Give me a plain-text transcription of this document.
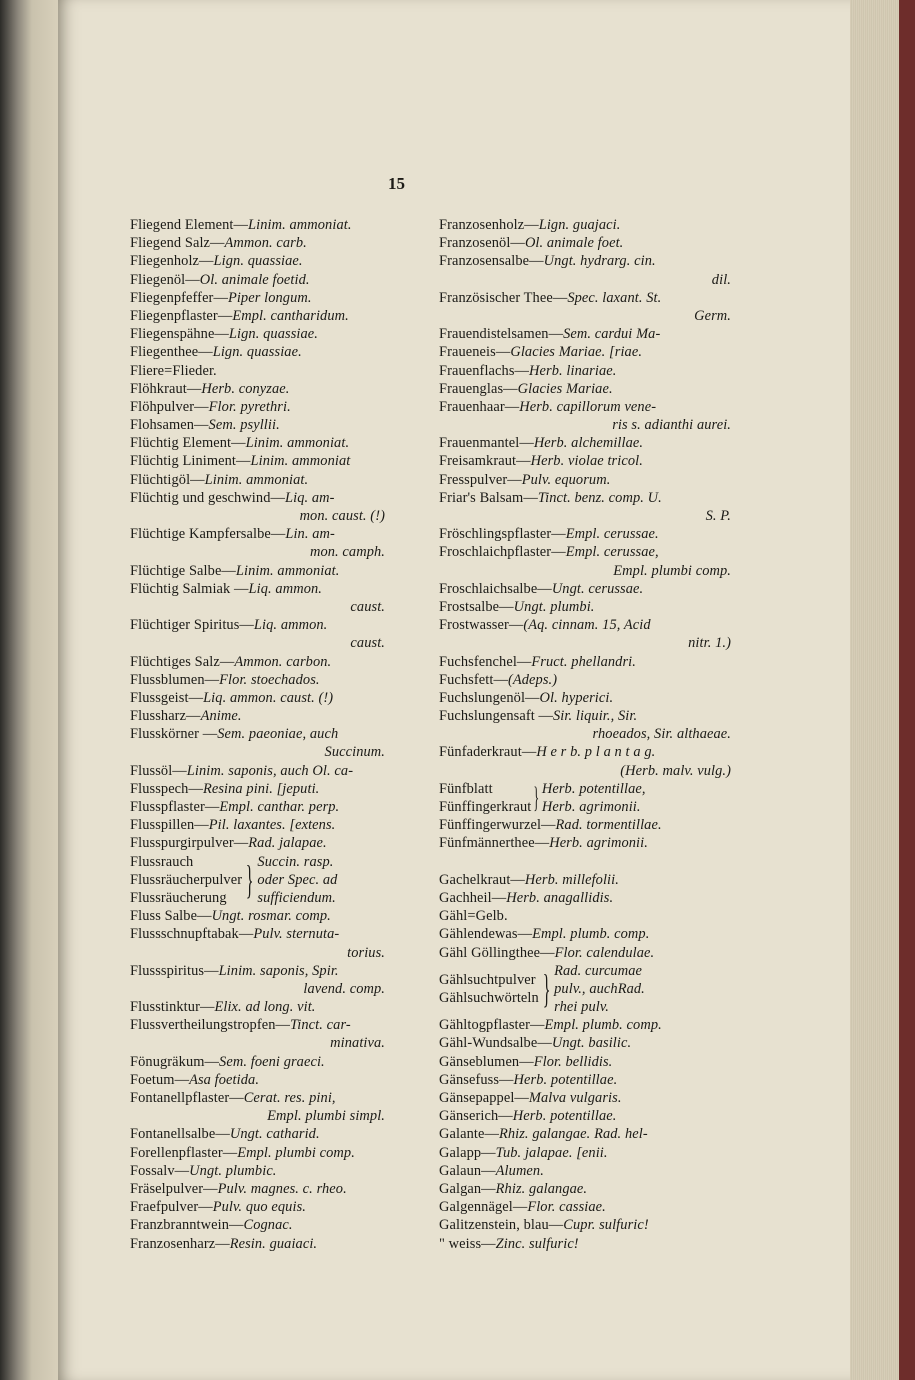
15
Fliegend Element— Linim. ammoniat.
Fliegend Salz— Ammon. carb.
Fliegenholz— Lign. quassiae.
Fliegenöl— Ol. animale foetid.
Fliegenpfeffer— Piper longum.
Fliegenpflaster— Empl. cantharidum.
Fliegenspähne— Lign. quassiae.
Fliegenthee— Lign. quassiae.
Fliere=Flieder.
Flöhkraut— Herb. conyzae.
Flöhpulver— Flor. pyrethri.
Flohsamen— Sem. psyllii.
Flüchtig Element— Linim. ammoniat.
Flüchtig Liniment— Linim. ammoniat
Flüchtigöl— Linim. ammoniat.
Flüchtig und geschwind— Liq. am-
mon. caust. (!)
Flüchtige Kampfersalbe— Lin. am-
mon. camph.
Flüchtige Salbe— Linim. ammoniat.
Flüchtig Salmiak — Liq. ammon.
caust.
Flüchtiger Spiritus— Liq. ammon.
caust.
Flüchtiges Salz— Ammon. carbon.
Flussblumen— Flor. stoechados.
Flussgeist— Liq. ammon. caust. (!)
Flussharz— Anime.
Flusskörner — Sem. paeoniae, auch
Succinum.
Flussöl— Linim. saponis, auch Ol. ca-
Flusspech— Resina pini. [jeputi.
Flusspflaster— Empl. canthar. perp.
Flusspillen— Pil. laxantes. [extens.
Flusspurgirpulver— Rad. jalapae.
Flussrauch
Flussräucherpulver
Flussräucherung } Succin. rasp.
oder Spec. ad
sufficiendum.
Fluss Salbe— Ungt. rosmar. comp.
Flussschnupftabak— Pulv. sternuta-
torius.
Flussspiritus— Linim. saponis, Spir.
lavend. comp.
Flusstinktur— Elix. ad long. vit.
Flussvertheilungstropfen— Tinct. car-
minativa.
Fönugräkum— Sem. foeni graeci.
Foetum— Asa foetida.
Fontanellpflaster— Cerat. res. pini,
Empl. plumbi simpl.
Fontanellsalbe— Ungt. catharid.
Forellenpflaster— Empl. plumbi comp.
Fossalv— Ungt. plumbic.
Fräselpulver— Pulv. magnes. c. rheo.
Fraefpulver— Pulv. quo equis.
Franzbranntwein— Cognac.
Franzosenharz— Resin. guaiaci.
Franzosenholz— Lign. guajaci.
Franzosenöl— Ol. animale foet.
Franzosensalbe— Ungt. hydrarg. cin.
dil.
Französischer Thee— Spec. laxant. St.
Germ.
Frauendistelsamen— Sem. cardui Ma-
Fraueneis— Glacies Mariae. [riae.
Frauenflachs— Herb. linariae.
Frauenglas— Glacies Mariae.
Frauenhaar— Herb. capillorum vene-
ris s. adianthi aurei.
Frauenmantel— Herb. alchemillae.
Freisamkraut— Herb. violae tricol.
Fresspulver— Pulv. equorum.
Friar's Balsam— Tinct. benz. comp. U.
S. P.
Fröschlingspflaster— Empl. cerussae.
Froschlaichpflaster— Empl. cerussae,
Empl. plumbi comp.
Froschlaichsalbe— Ungt. cerussae.
Frostsalbe— Ungt. plumbi.
Frostwasser— (Aq. cinnam. 15, Acid
nitr. 1.)
Fuchsfenchel— Fruct. phellandri.
Fuchsfett— (Adeps.)
Fuchslungenöl— Ol. hyperici.
Fuchslungensaft — Sir. liquir., Sir.
rhoeados, Sir. althaeae.
Fünfaderkraut— H e r b. p l a n t a g.
(Herb. malv. vulg.)
Fünfblatt
Fünffingerkraut } Herb. potentillae,
Herb. agrimonii.
Fünffingerwurzel— Rad. tormentillae.
Fünfmännerthee— Herb. agrimonii.
Gachelkraut— Herb. millefolii.
Gachheil— Herb. anagallidis.
Gähl=Gelb.
Gählendewas— Empl. plumb. comp.
Gähl Göllingthee— Flor. calendulae.
Gählsuchtpulver
Gählsuchwörteln } Rad. curcumae
pulv., auchRad.
rhei pulv.
Gähltogpflaster— Empl. plumb. comp.
Gähl-Wundsalbe— Ungt. basilic.
Gänseblumen— Flor. bellidis.
Gänsefuss— Herb. potentillae.
Gänsepappel— Malva vulgaris.
Gänserich— Herb. potentillae.
Galante— Rhiz. galangae. Rad. hel-
Galapp— Tub. jalapae. [enii.
Galaun— Alumen.
Galgan— Rhiz. galangae.
Galgennägel— Flor. cassiae.
Galitzenstein, blau— Cupr. sulfuric!
" weiss— Zinc. sulfuric!
